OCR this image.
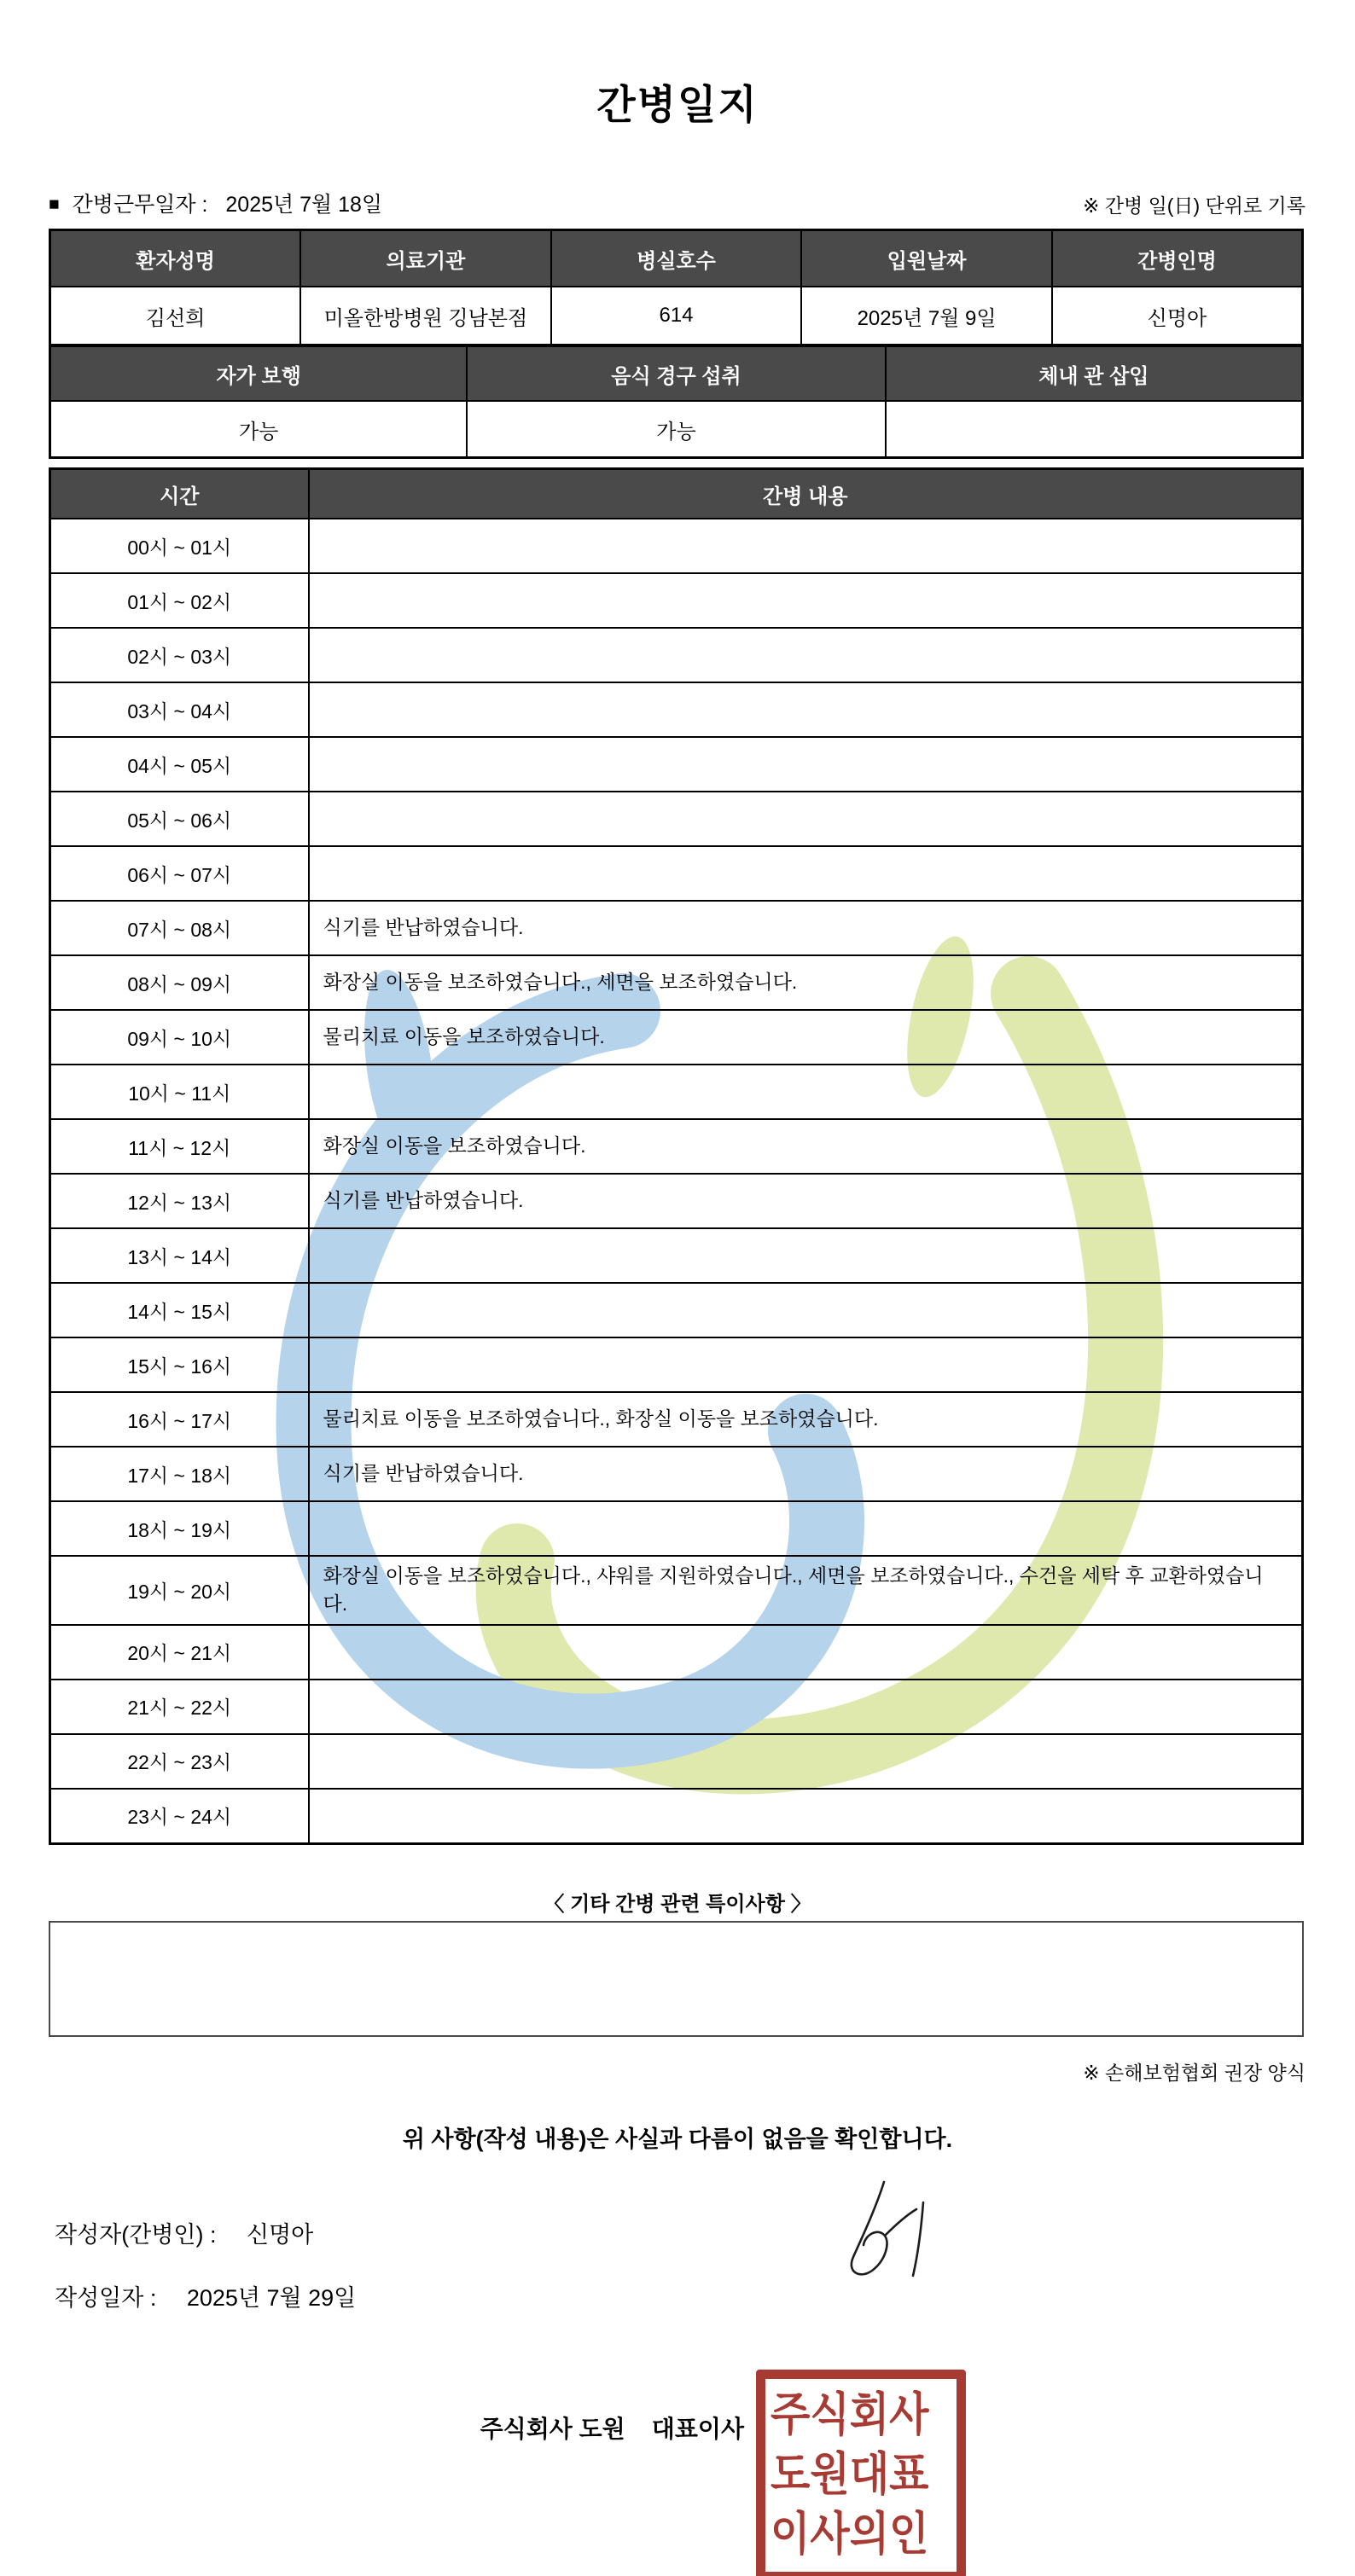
간병일지
■ 간병근무일자 : 2025년 7월 18일	※ 간병 일(日) 단위로 기록
환자성명	의료기관	병실호수	입원날짜	간병인명
김선희	미올한방병원 깅남본점	614	2025년 7월 9일	신명아
자가 보행	음식 경구 섭취	체내 관 삽입
가능	가능	
시간	간병 내용
00시 ~ 01시	
01시 ~ 02시	
02시 ~ 03시	
03시 ~ 04시	
04시 ~ 05시	
05시 ~ 06시	
06시 ~ 07시	
07시 ~ 08시	식기를 반납하였습니다.
08시 ~ 09시	화장실 이동을 보조하였습니다., 세면을 보조하였습니다.
09시 ~ 10시	물리치료 이동을 보조하였습니다.
10시 ~ 11시	
11시 ~ 12시	화장실 이동을 보조하였습니다.
12시 ~ 13시	식기를 반납하였습니다.
13시 ~ 14시	
14시 ~ 15시	
15시 ~ 16시	
16시 ~ 17시	물리치료 이동을 보조하였습니다., 화장실 이동을 보조하였습니다.
17시 ~ 18시	식기를 반납하였습니다.
18시 ~ 19시	
19시 ~ 20시	화장실 이동을 보조하였습니다., 샤워를 지원하였습니다., 세면을 보조하였습니다., 수건을 세탁 후 교환하였습니다.
20시 ~ 21시	
21시 ~ 22시	
22시 ~ 23시	
23시 ~ 24시	
〈 기타 간병 관련 특이사항 〉
※ 손해보험협회 권장 양식
위 사항(작성 내용)은 사실과 다름이 없음을 확인합니다.
작성자(간병인) : 신명아
작성일자 : 2025년 7월 29일
주식회사 도원    대표이사 주식회사
도원대표
이사의인
